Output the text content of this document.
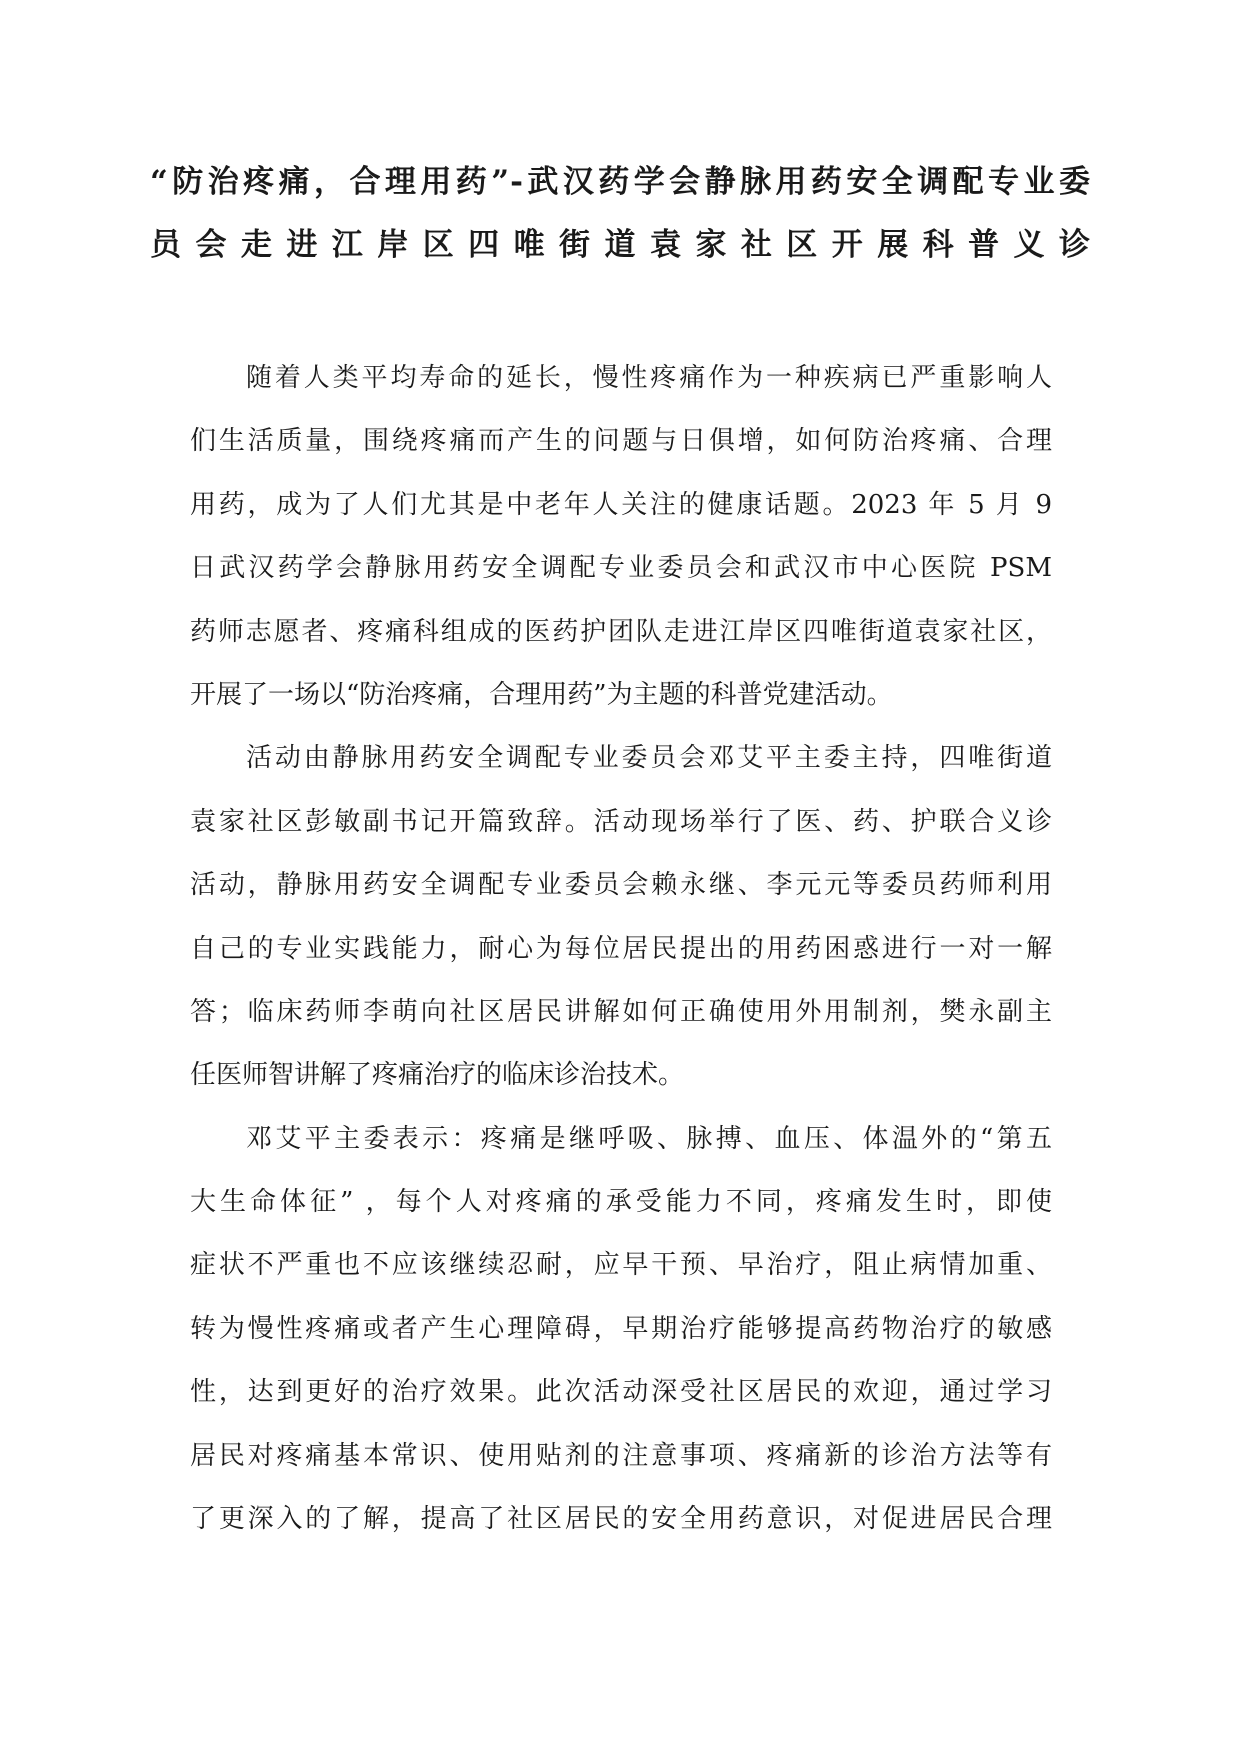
“防治疼痛，合理用药”-武汉药学会静脉用药安全调配专业委
员会走进江岸区四唯街道袁家社区开展科普义诊
随着人类平均寿命的延长，慢性疼痛作为一种疾病已严重影响人
们生活质量，围绕疼痛而产生的问题与日俱增，如何防治疼痛、合理
用药，成为了人们尤其是中老年人关注的健康话题。2023 年 5 月 9
日武汉药学会静脉用药安全调配专业委员会和武汉市中心医院 PSM
药师志愿者、疼痛科组成的医药护团队走进江岸区四唯街道袁家社区，
开展了一场以“防治疼痛，合理用药”为主题的科普党建活动。
活动由静脉用药安全调配专业委员会邓艾平主委主持，四唯街道
袁家社区彭敏副书记开篇致辞。活动现场举行了医、药、护联合义诊
活动，静脉用药安全调配专业委员会赖永继、李元元等委员药师利用
自己的专业实践能力，耐心为每位居民提出的用药困惑进行一对一解
答；临床药师李萌向社区居民讲解如何正确使用外用制剂，樊永副主
任医师智讲解了疼痛治疗的临床诊治技术。
邓艾平主委表示：疼痛是继呼吸、脉搏、血压、体温外的“第五
大生命体征” ，每个人对疼痛的承受能力不同，疼痛发生时，即使
症状不严重也不应该继续忍耐，应早干预、早治疗，阻止病情加重、
转为慢性疼痛或者产生心理障碍，早期治疗能够提高药物治疗的敏感
性，达到更好的治疗效果。此次活动深受社区居民的欢迎，通过学习
居民对疼痛基本常识、使用贴剂的注意事项、疼痛新的诊治方法等有
了更深入的了解，提高了社区居民的安全用药意识，对促进居民合理
